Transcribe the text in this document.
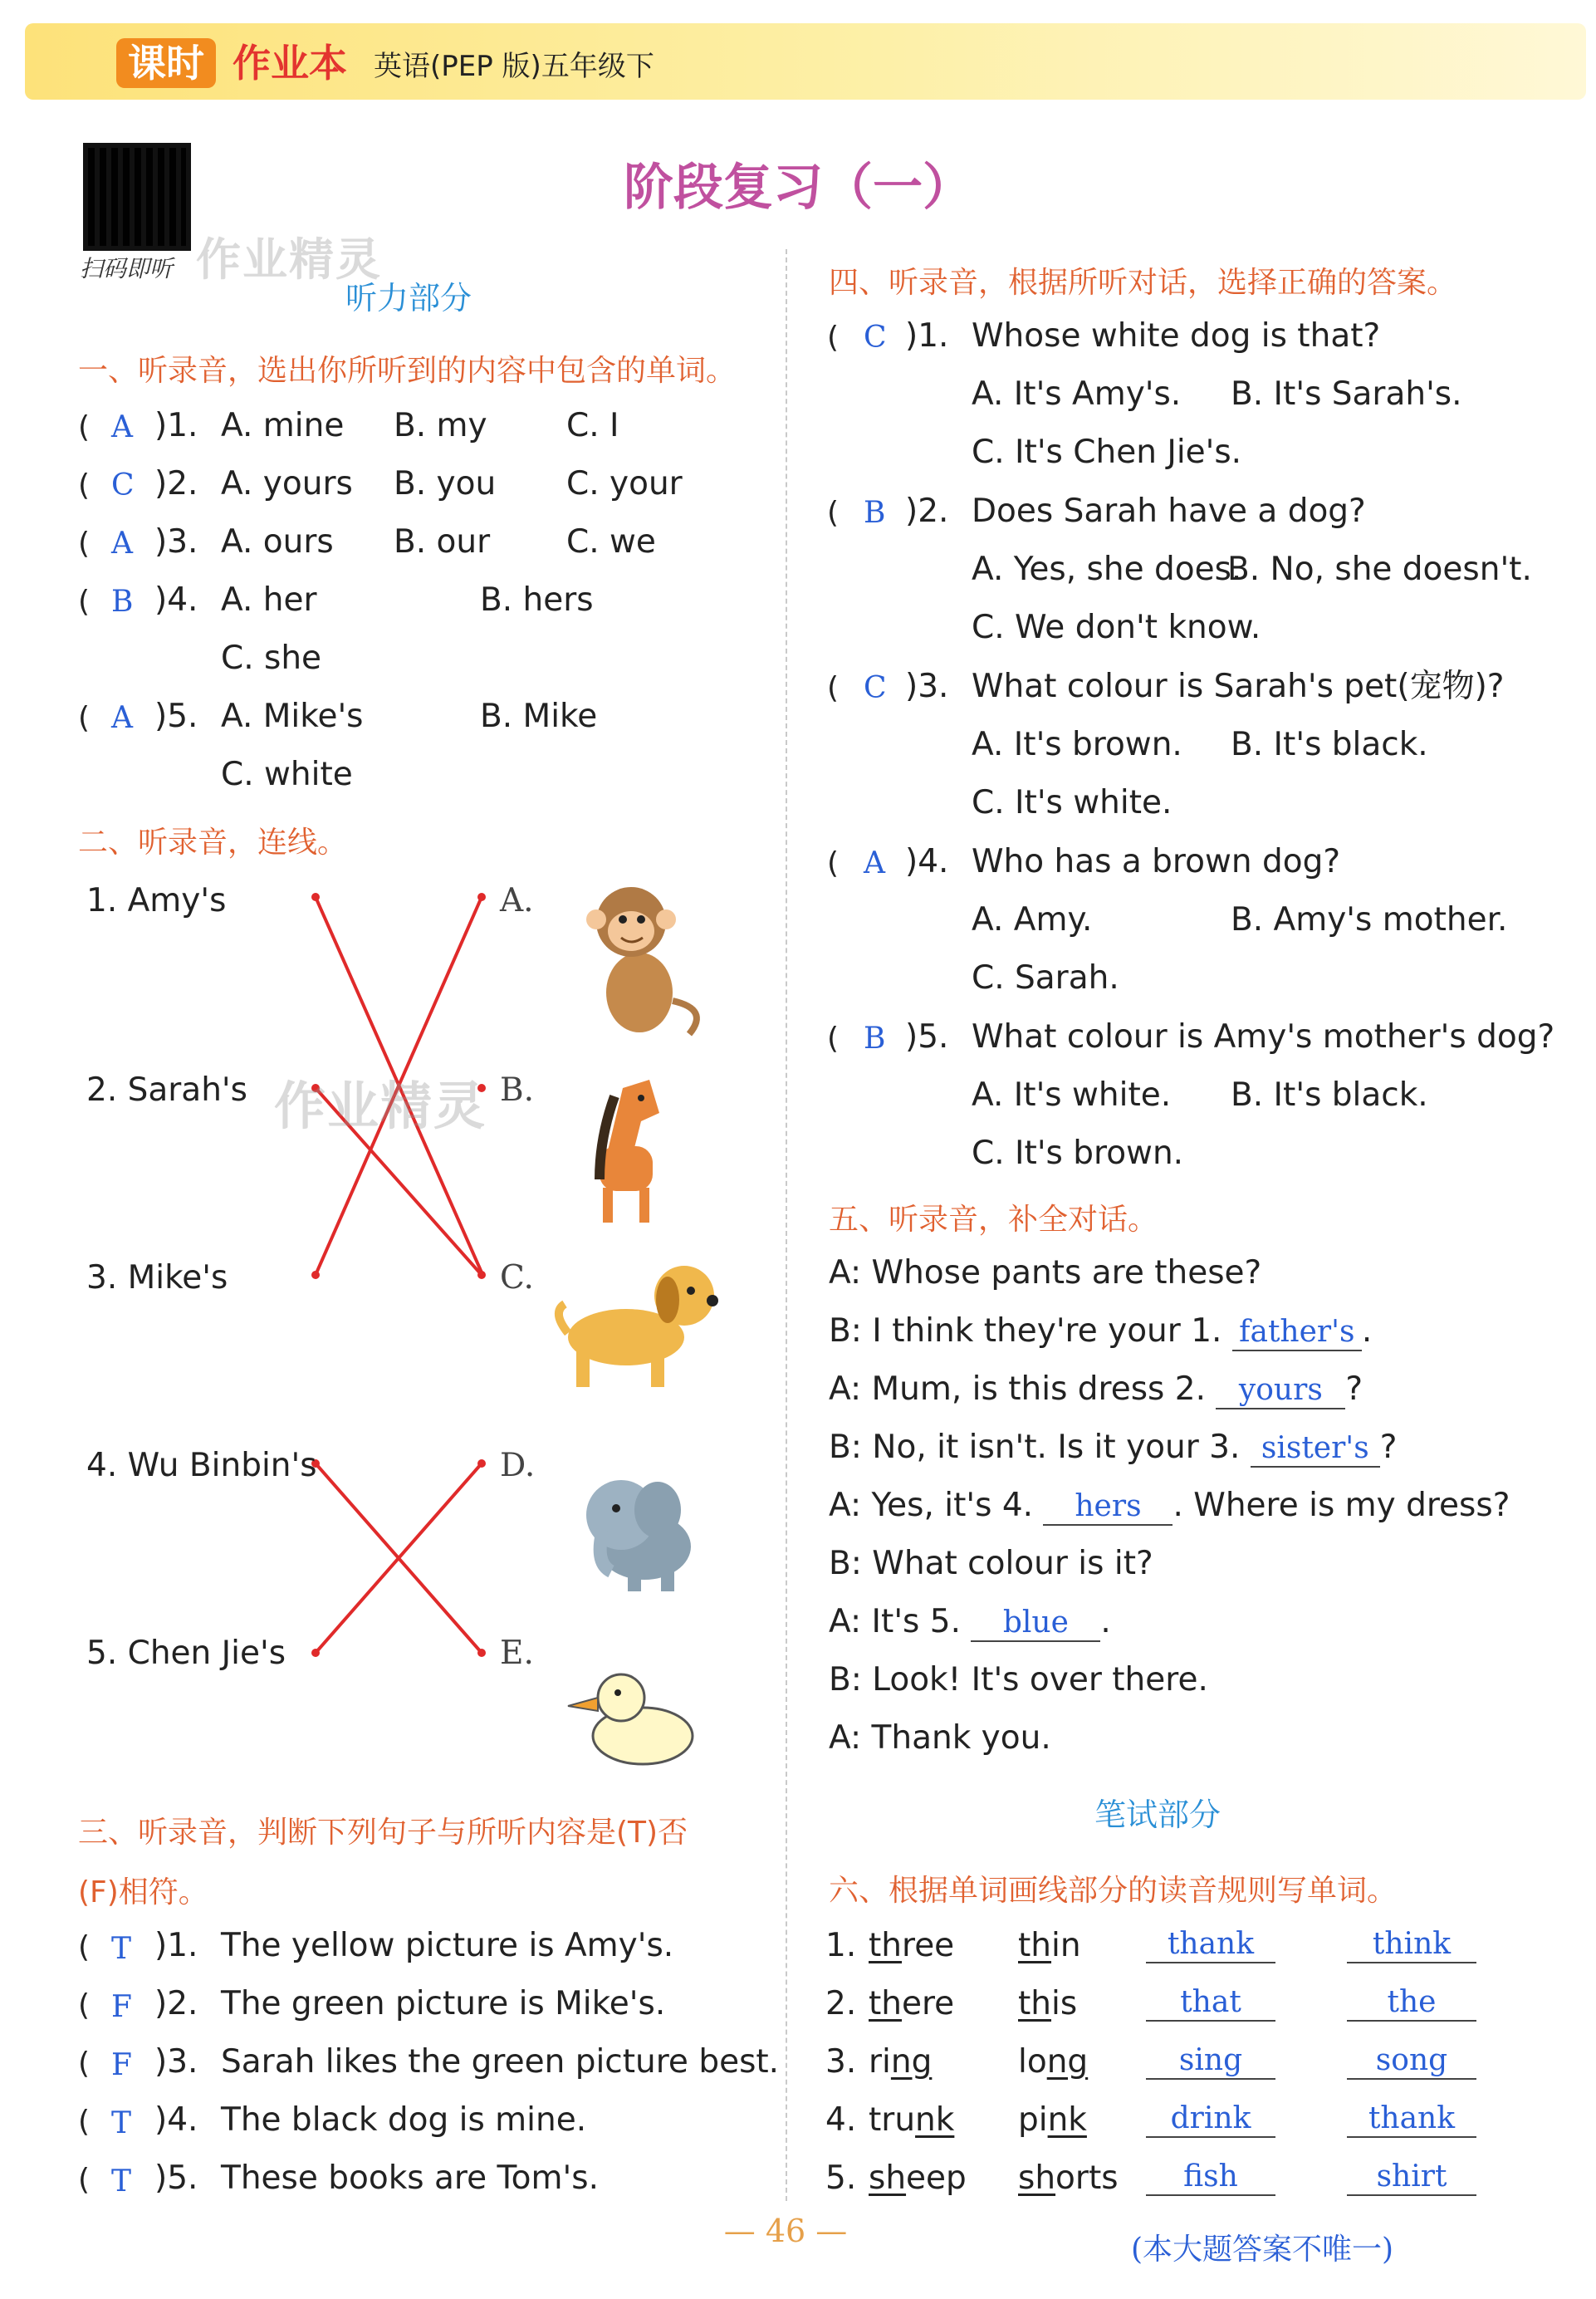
课时 作业本 英语(PEP 版)五年级下
扫码即听 作业精灵
阶段复习（一）
听力部分
一、听录音，选出你所听到的内容中包含的单词。
( A )1. A. mine B. my C. I
( C )2. A. yours B. you C. your
( A )3. A. ours B. our C. we
( B )4. A. her	B. hers
C. she
( A )5. A. Mike's	B. Mike
C. white
二、听录音，连线。
1. Amy's
2. Sarah's
3. Mike's
4. Wu Binbin's
5. Chen Jie's
A.
B.
C.
D.
E.
作业精灵
三、听录音，判断下列句子与所听内容是(T)否
(F)相符。
( T )1. The yellow picture is Amy's.
( F )2. The green picture is Mike's.
( F )3. Sarah likes the green picture best.
( T )4. The black dog is mine.
( T )5. These books are Tom's.
四、听录音，根据所听对话，选择正确的答案。
( C )1. Whose white dog is that?
A. It's Amy's. B. It's Sarah's.
C. It's Chen Jie's.
( B )2. Does Sarah have a dog?
A. Yes, she does.
B. No, she doesn't.
C. We don't know.
( C )3. What colour is Sarah's pet(宠物)?
A. It's brown. B. It's black.
C. It's white.
( A )4. Who has a brown dog?
A. Amy.	B. Amy's mother.
C. Sarah.
( B )5. What colour is Amy's mother's dog?
A. It's white. B. It's black.
C. It's brown.
五、听录音，补全对话。
A: Whose pants are these?
B: I think they're your 1. father's .
A: Mum, is this dress 2. yours ?
B: No, it isn't. Is it your 3. sister's ?
A: Yes, it's 4. hers . Where is my dress?
B: What colour is it?
A: It's 5. blue .
B: Look! It's over there.
A: Thank you.
笔试部分
六、根据单词画线部分的读音规则写单词。
1. three thin	thank	think
2. there this	that	the
3. ring	long	sing	song
4. trunk pink	drink	thank
5. sheep shorts	fish	shirt
— 46 —
(本大题答案不唯一)
